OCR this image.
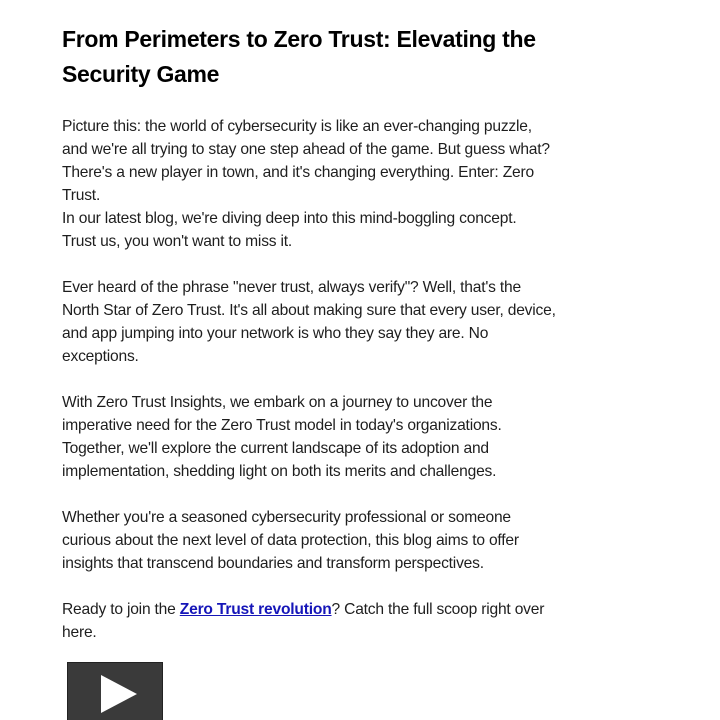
From Perimeters to Zero Trust: Elevating the
Security Game

Picture this: the world of cybersecurity is like an ever-changing puzzle,
and we're all trying to stay one step ahead of the game. But guess what?
There's a new player in town, and it's changing everything. Enter: Zero
Trust.
In our latest blog, we're diving deep into this mind-boggling concept.
Trust us, you won't want to miss it.

Ever heard of the phrase "never trust, always verify"? Well, that's the
North Star of Zero Trust. It's all about making sure that every user, device,
and app jumping into your network is who they say they are. No
exceptions.

With Zero Trust Insights, we embark on a journey to uncover the
imperative need for the Zero Trust model in today's organizations.
Together, we'll explore the current landscape of its adoption and
implementation, shedding light on both its merits and challenges.

Whether you're a seasoned cybersecurity professional or someone
curious about the next level of data protection, this blog aims to offer
insights that transcend boundaries and transform perspectives.

Ready to join the Zero Trust revolution? Catch the full scoop right over
here.
